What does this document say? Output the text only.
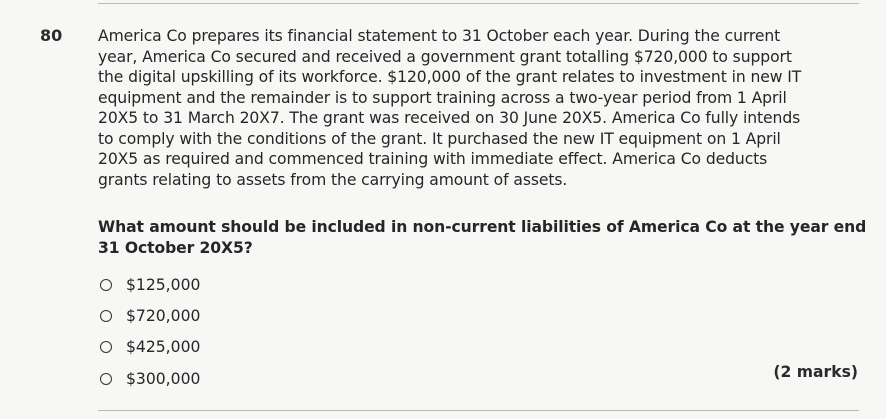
80 America Co prepares its financial statement to 31 October each year. During the current
year, America Co secured and received a government grant totalling $720,000 to support
the digital upskilling of its workforce. $120,000 of the grant relates to investment in new IT
equipment and the remainder is to support training across a two-year period from 1 April
20X5 to 31 March 20X7. The grant was received on 30 June 20X5. America Co fully intends
to comply with the conditions of the grant. It purchased the new IT equipment on 1 April
20X5 as required and commenced training with immediate effect. America Co deducts
grants relating to assets from the carrying amount of assets.
What amount should be included in non-current liabilities of America Co at the year end
31 October 20X5?
$125,000
$720,000
$425,000
$300,000	(2 marks)
